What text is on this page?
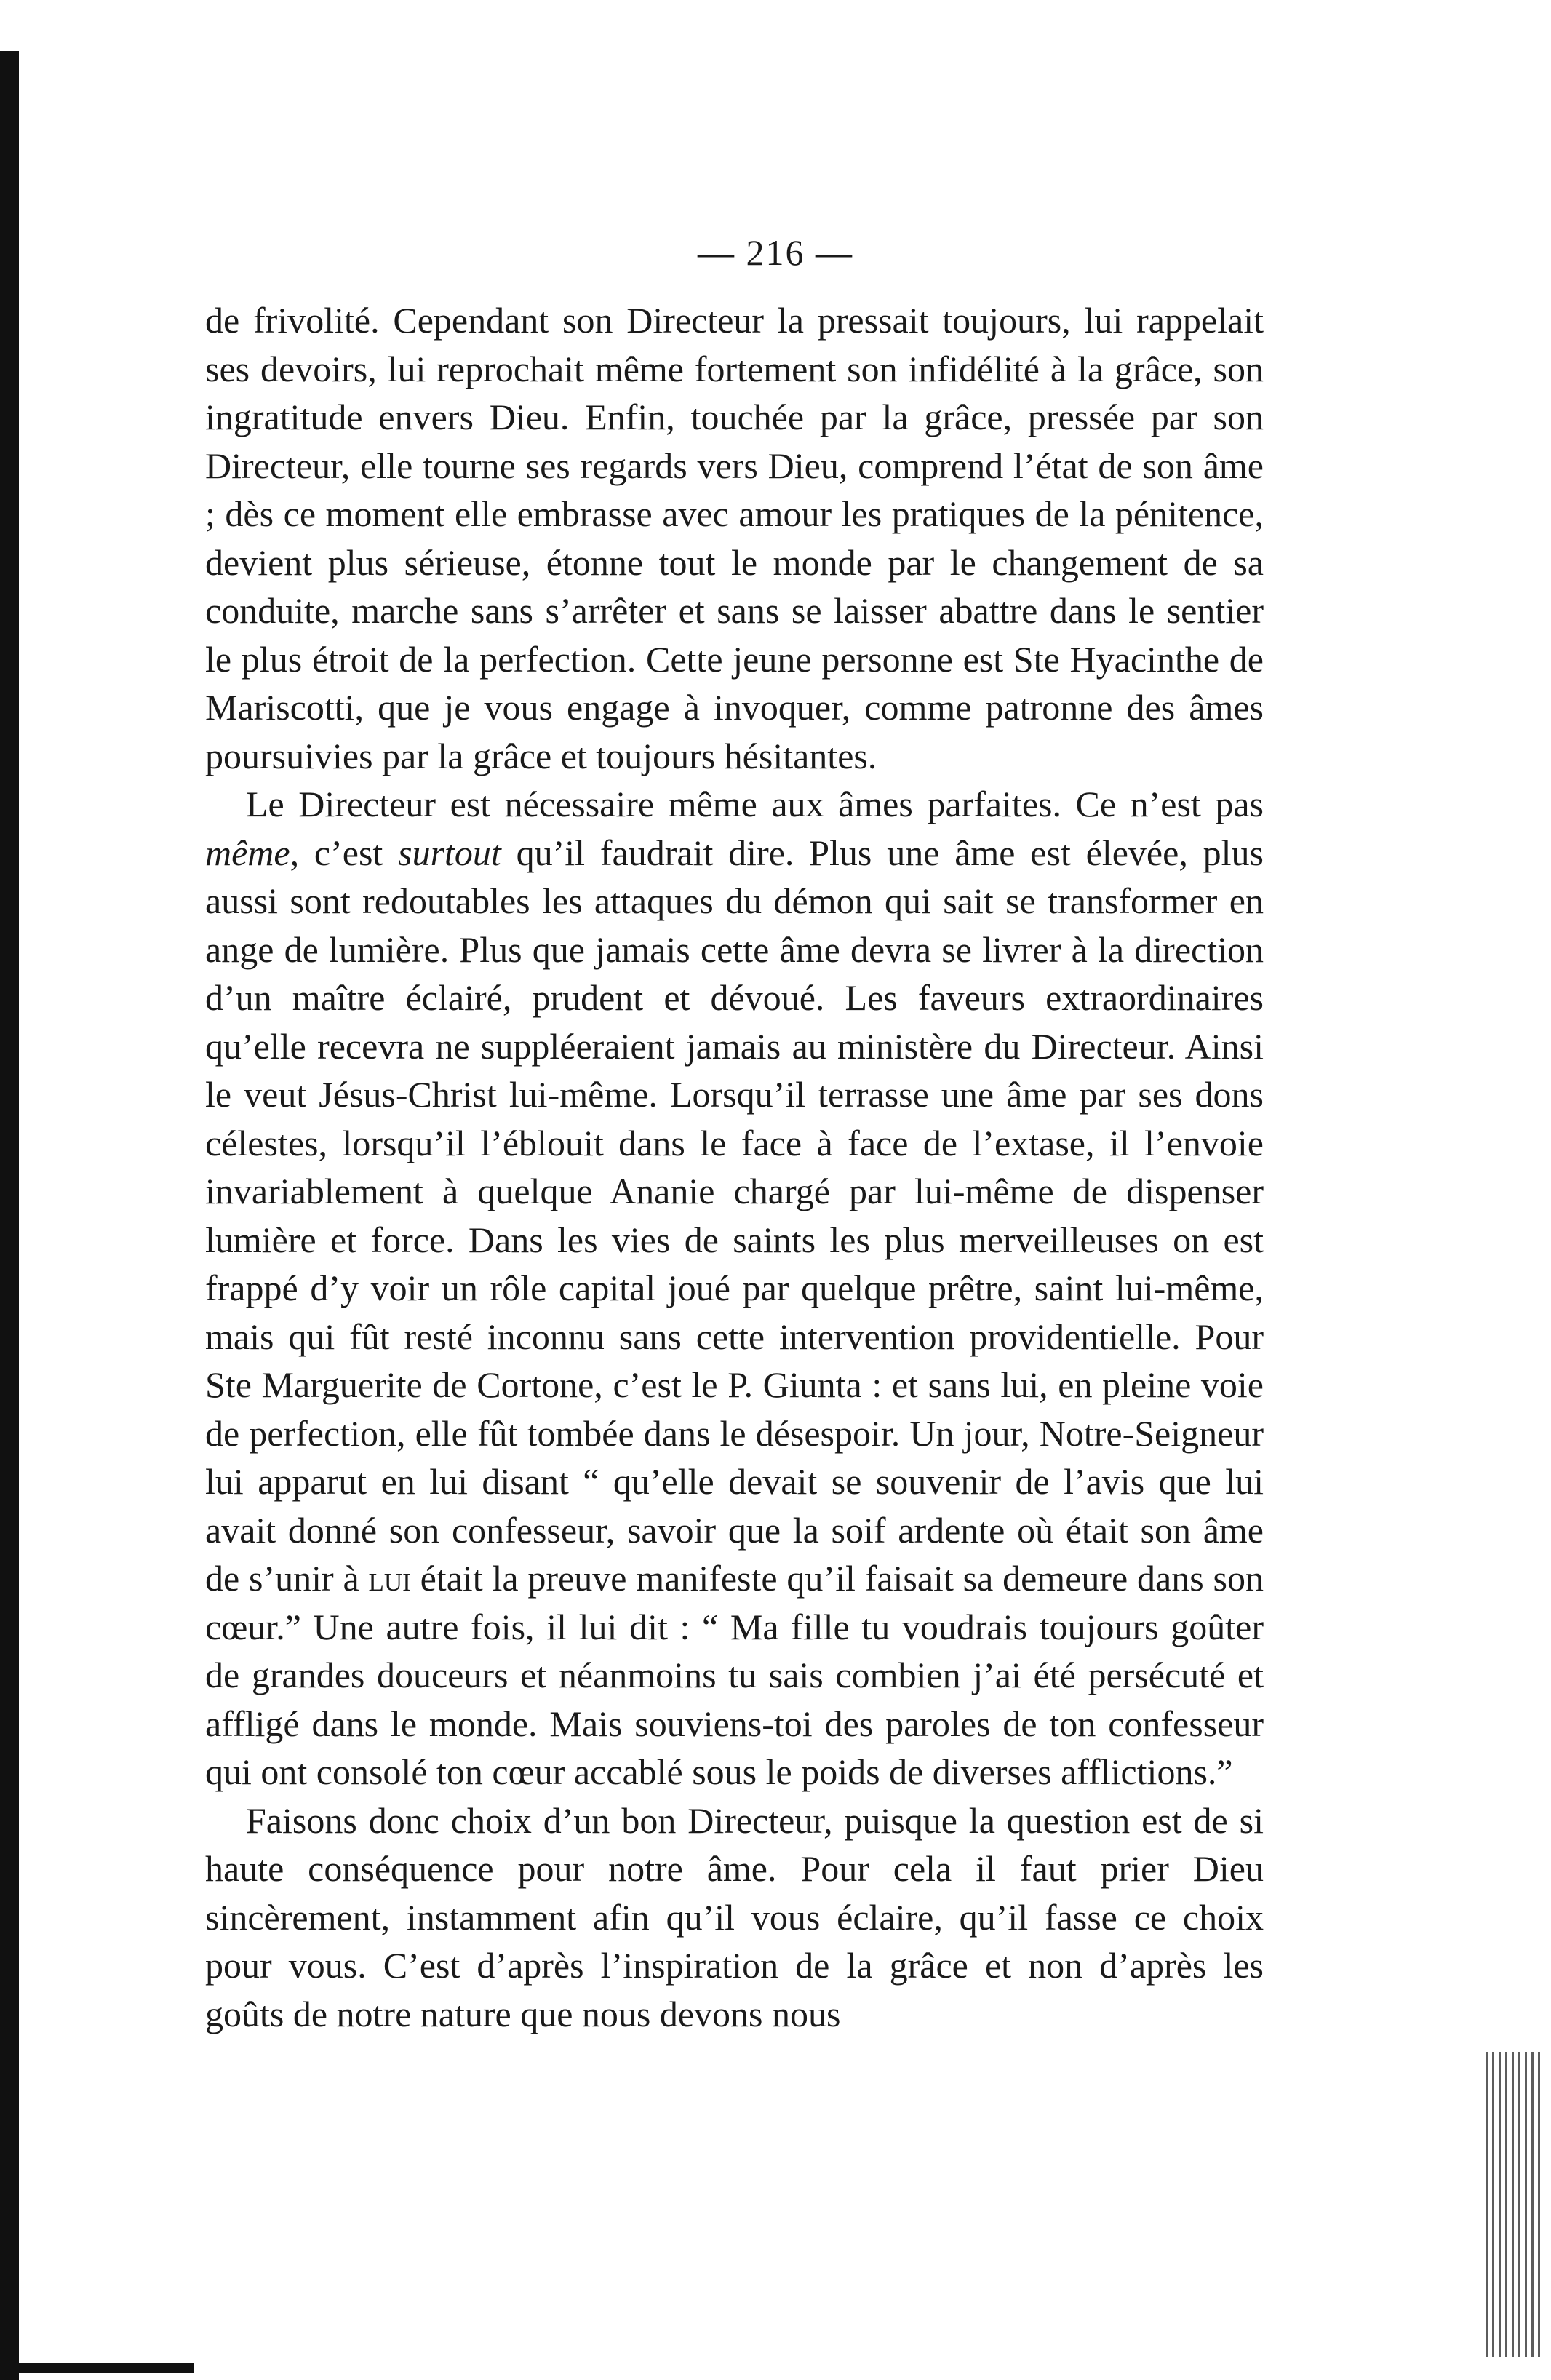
— 216 —

de frivolité. Cependant son Directeur la pressait toujours, lui rappelait ses devoirs, lui reprochait même fortement son infidélité à la grâce, son ingratitude envers Dieu. Enfin, touchée par la grâce, pressée par son Directeur, elle tourne ses regards vers Dieu, comprend l’état de son âme ; dès ce moment elle embrasse avec amour les pratiques de la pénitence, devient plus sérieuse, étonne tout le monde par le changement de sa conduite, marche sans s’arrêter et sans se laisser abattre dans le sentier le plus étroit de la perfection. Cette jeune personne est Ste Hyacinthe de Mariscotti, que je vous engage à invoquer, comme patronne des âmes poursuivies par la grâce et toujours hésitantes.

Le Directeur est nécessaire même aux âmes parfaites. Ce n’est pas même, c’est surtout qu’il faudrait dire. Plus une âme est élevée, plus aussi sont redoutables les attaques du démon qui sait se transformer en ange de lumière. Plus que jamais cette âme devra se livrer à la direction d’un maître éclairé, prudent et dévoué. Les faveurs extraordinaires qu’elle recevra ne suppléeraient jamais au ministère du Directeur. Ainsi le veut Jésus-Christ lui-même. Lorsqu’il terrasse une âme par ses dons célestes, lorsqu’il l’éblouit dans le face à face de l’extase, il l’envoie invariablement à quelque Ananie chargé par lui-même de dispenser lumière et force. Dans les vies de saints les plus merveilleuses on est frappé d’y voir un rôle capital joué par quelque prêtre, saint lui-même, mais qui fût resté inconnu sans cette intervention providentielle. Pour Ste Marguerite de Cortone, c’est le P. Giunta : et sans lui, en pleine voie de perfection, elle fût tombée dans le désespoir. Un jour, Notre-Seigneur lui apparut en lui disant “ qu’elle devait se souvenir de l’avis que lui avait donné son confesseur, savoir que la soif ardente où était son âme de s’unir à lui était la preuve manifeste qu’il faisait sa demeure dans son cœur.” Une autre fois, il lui dit : “ Ma fille tu voudrais toujours goûter de grandes douceurs et néanmoins tu sais combien j’ai été persécuté et affligé dans le monde. Mais souviens-toi des paroles de ton confesseur qui ont consolé ton cœur accablé sous le poids de diverses afflictions.”

Faisons donc choix d’un bon Directeur, puisque la question est de si haute conséquence pour notre âme. Pour cela il faut prier Dieu sincèrement, instamment afin qu’il vous éclaire, qu’il fasse ce choix pour vous. C’est d’après l’inspiration de la grâce et non d’après les goûts de notre nature que nous devons nous
